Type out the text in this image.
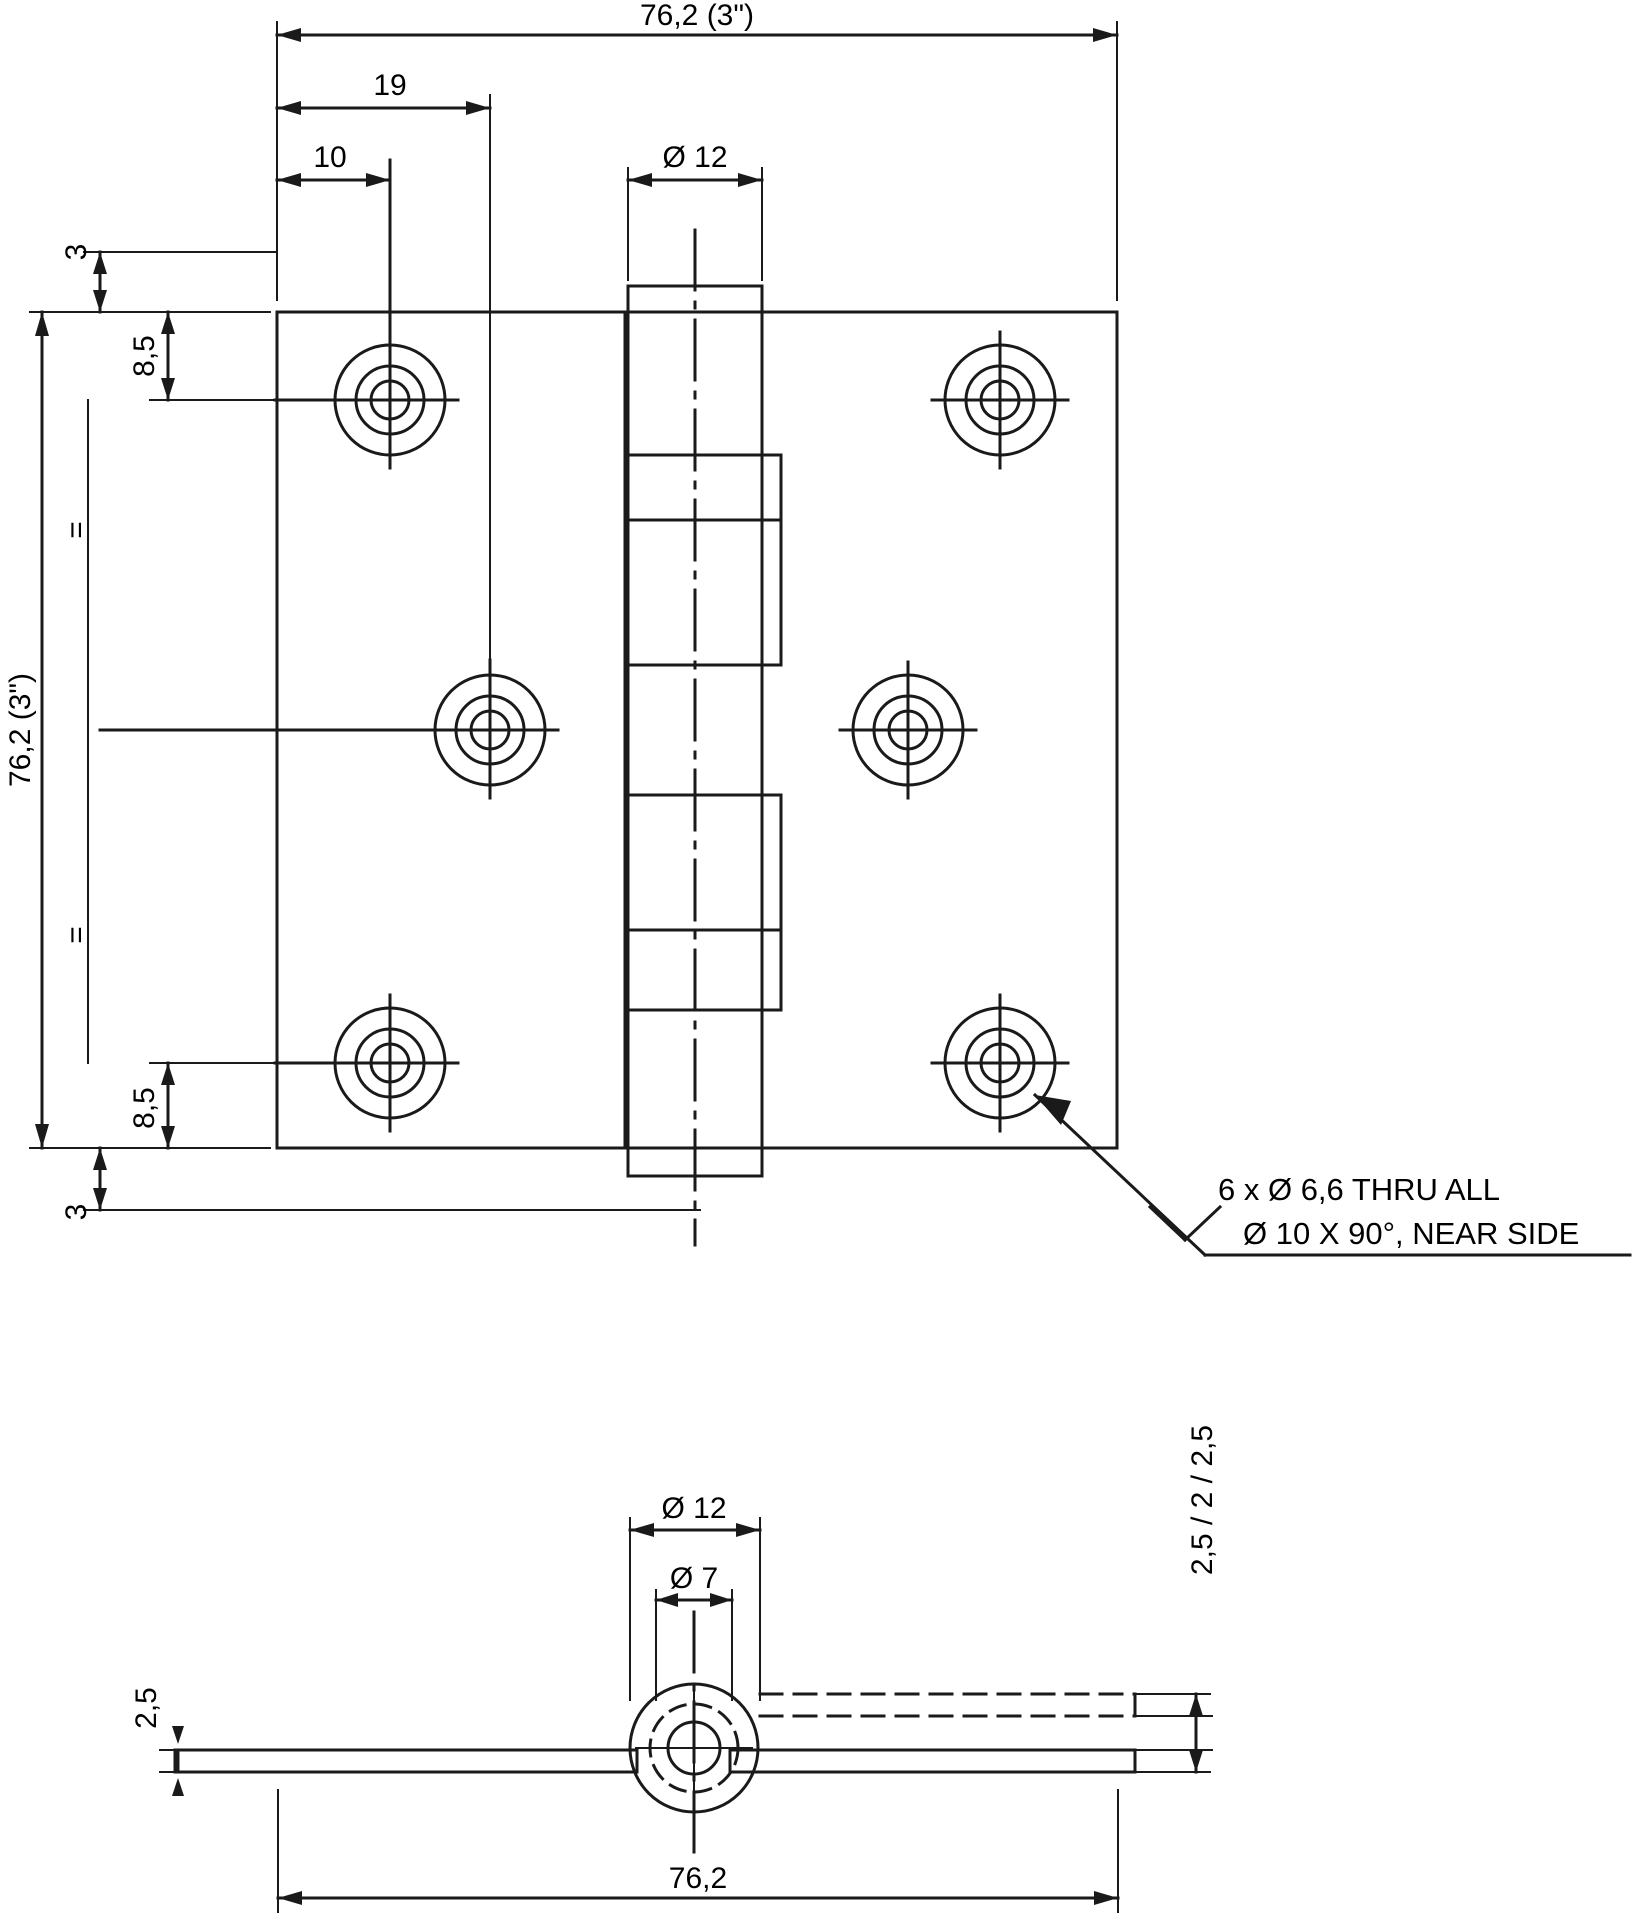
76,2 (3")
19
10	Ø 12
76,2 (3")
3
3
8,5
8,5
=
=
6 x Ø 6,6 THRU ALL
Ø 10 X 90°, NEAR SIDE
Ø 12
Ø 7
2,5
2,5 / 2 / 2,5
76,2
